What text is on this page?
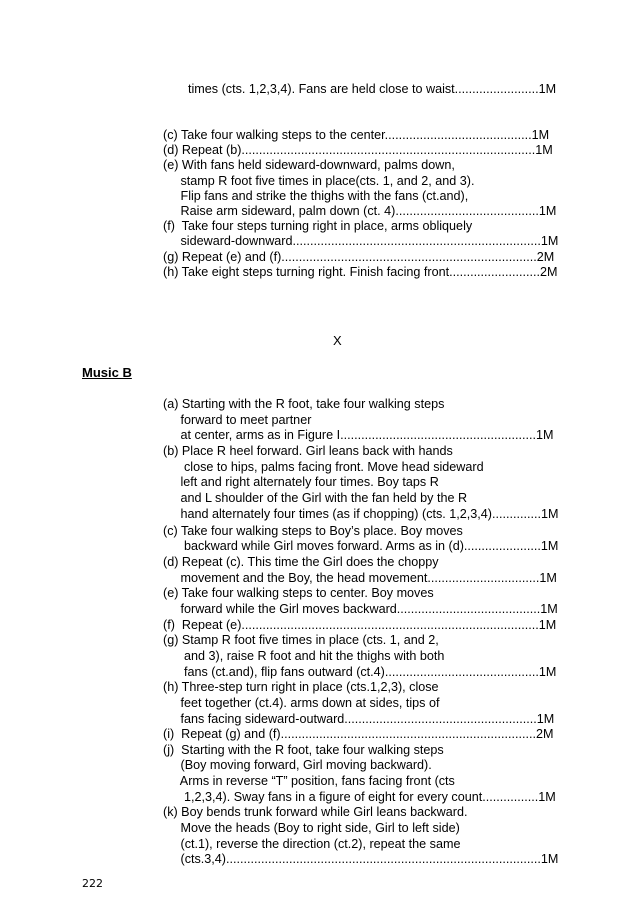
times (cts. 1,2,3,4). Fans are held close to waist........................1M
(c) Take four walking steps to the center..........................................1M
(d) Repeat (b)....................................................................................1M
(e) With fans held sideward-downward, palms down,
stamp R foot five times in place(cts. 1, and 2, and 3).
Flip fans and strike the thighs with the fans (ct.and),
Raise arm sideward, palm down (ct. 4).........................................1M
(f)  Take four steps turning right in place, arms obliquely
sideward-downward.......................................................................1M
(g) Repeat (e) and (f).........................................................................2M
(h) Take eight steps turning right. Finish facing front..........................2M
X
Music B
(a) Starting with the R foot, take four walking steps
forward to meet partner
at center, arms as in Figure I........................................................1M
(b) Place R heel forward. Girl leans back with hands
close to hips, palms facing front. Move head sideward
left and right alternately four times. Boy taps R
and L shoulder of the Girl with the fan held by the R
hand alternately four times (as if chopping) (cts. 1,2,3,4)..............1M
(c) Take four walking steps to Boy’s place. Boy moves
backward while Girl moves forward. Arms as in (d)......................1M
(d) Repeat (c). This time the Girl does the choppy
movement and the Boy, the head movement................................1M
(e) Take four walking steps to center. Boy moves
forward while the Girl moves backward.........................................1M
(f)  Repeat (e).....................................................................................1M
(g) Stamp R foot five times in place (cts. 1, and 2,
and 3), raise R foot and hit the thighs with both
fans (ct.and), flip fans outward (ct.4)............................................1M
(h) Three-step turn right in place (cts.1,2,3), close
feet together (ct.4). arms down at sides, tips of
fans facing sideward-outward.......................................................1M
(i)  Repeat (g) and (f).........................................................................2M
(j)  Starting with the R foot, take four walking steps
(Boy moving forward, Girl moving backward).
Arms in reverse “T” position, fans facing front (cts
1,2,3,4). Sway fans in a figure of eight for every count................1M
(k) Boy bends trunk forward while Girl leans backward.
Move the heads (Boy to right side, Girl to left side)
(ct.1), reverse the direction (ct.2), repeat the same
(cts.3,4)..........................................................................................1M
222
